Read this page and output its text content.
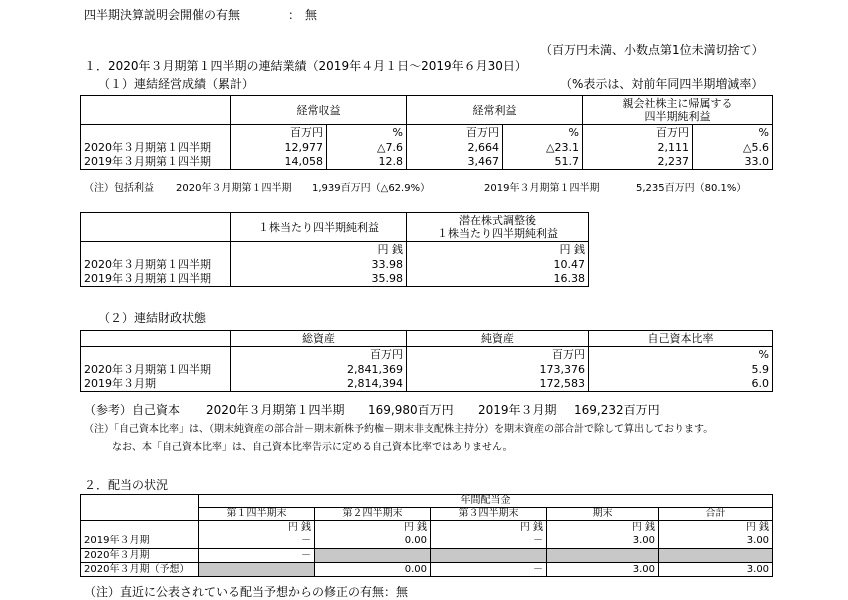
四半期決算説明会開催の有無	： 無
（百万円未満、小数点第1位未満切捨て）
１．2020年３月期第１四半期の連結業績（2019年４月１日～2019年６月30日）
（１）連結経営成績（累計）	（%表示は、対前年同四半期増減率）
	経常収益		経常利益		親会社株主に帰属する
四半期純利益	

	百万円	%	百万円	%	百万円	%
2020年３月期第１四半期	12,977	△7.6	2,664	△23.1	2,111	△5.6
2019年３月期第１四半期	14,058	12.8	3,467	51.7	2,237	33.0
（注）包括利益 2020年３月期第１四半期 1,939百万円（△62.9%）	2019年３月期第１四半期	5,235百万円（80.1%）
	１株当たり四半期純利益	潜在株式調整後
１株当たり四半期純利益

	円 銭	円 銭
2020年３月期第１四半期	33.98	10.47
2019年３月期第１四半期	35.98	16.38
（２）連結財政状態
	総資産	純資産	自己資本比率
	百万円	百万円	%
2020年３月期第１四半期	2,841,369	173,376	5.9
2019年３月期	2,814,394	172,583	6.0
（参考）自己資本 2020年３月期第１四半期 169,980百万円 2019年３月期 169,232百万円
（注）「自己資本比率」は、（期末純資産の部合計－期末新株予約権－期末非支配株主持分）を期末資産の部合計で除して算出しております。
なお、本「自己資本比率」は、自己資本比率告示に定める自己資本比率ではありません。
２．配当の状況
	年間配当金				
	第１四半期末	第２四半期末	第３四半期末	期末	合計
	円 銭	円 銭	円 銭	円 銭	円 銭
2019年３月期	－	0.00	－	3.00	3.00
2020年３月期	－				
2020年３月期（予想）		0.00	－	3.00	3.00
（注）直近に公表されている配当予想からの修正の有無：無
